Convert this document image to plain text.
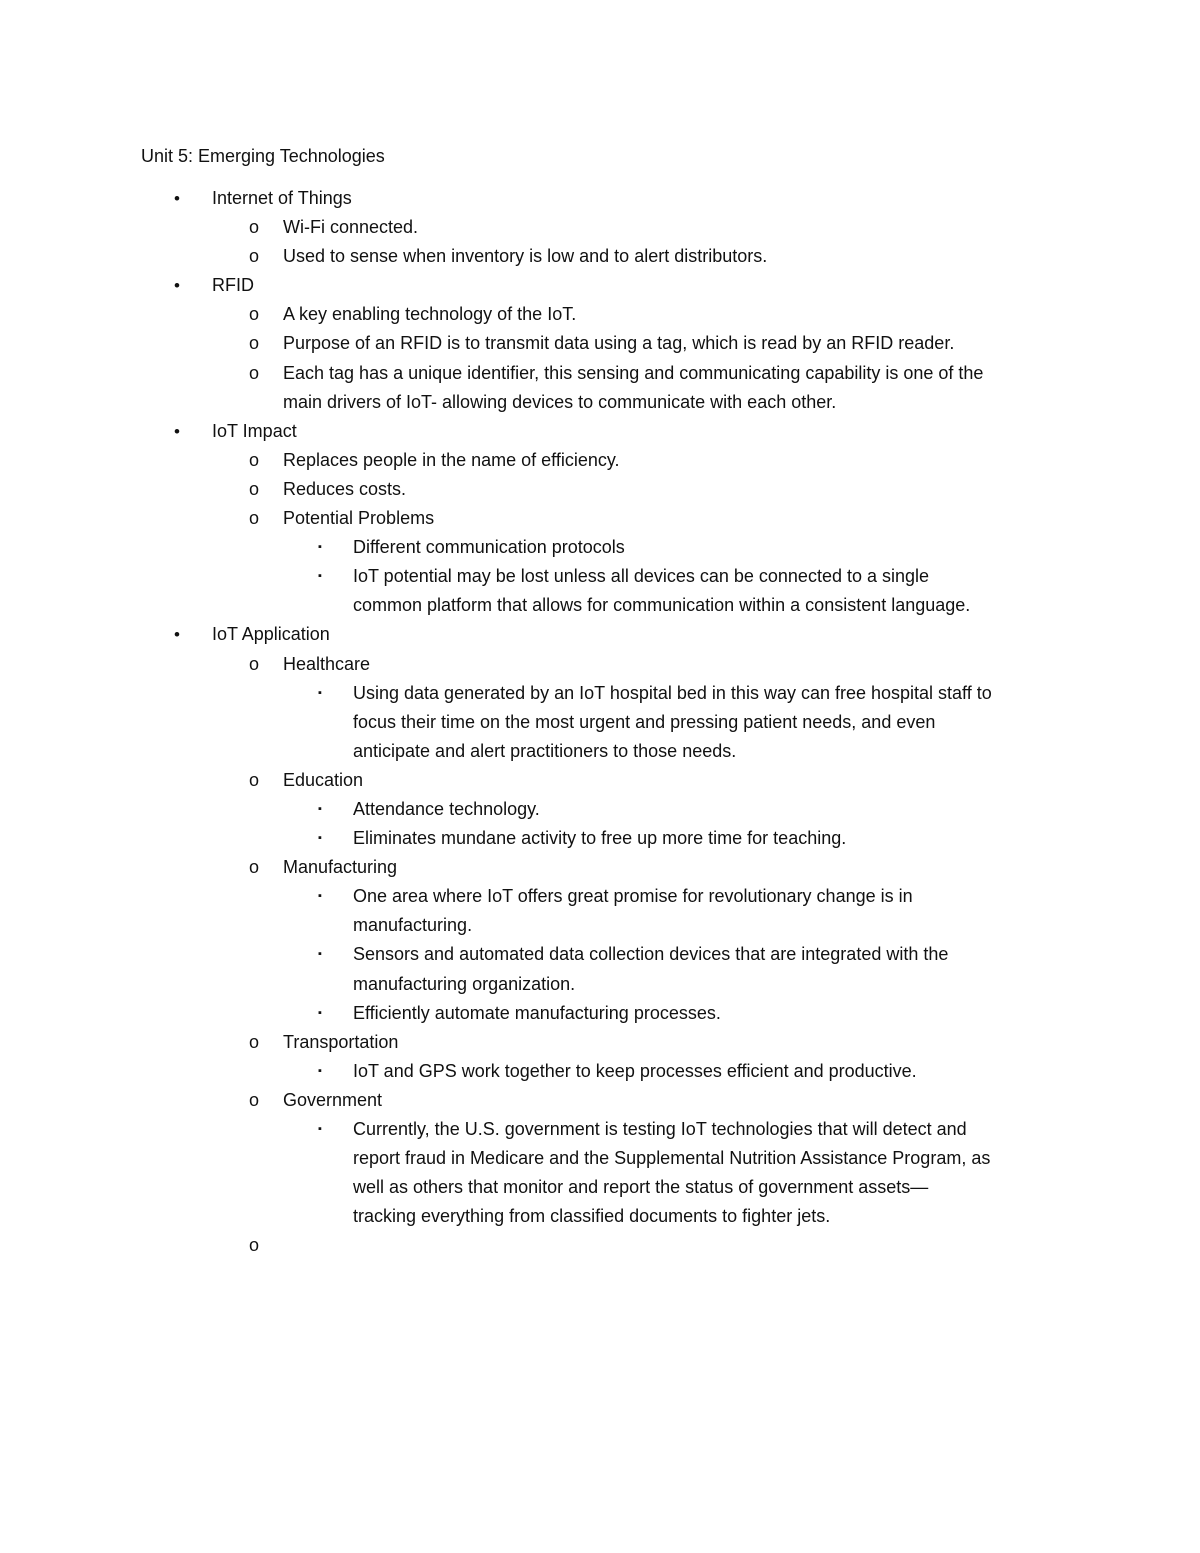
Unit 5: Emerging Technologies
• Internet of Things
o Wi-Fi connected.
o Used to sense when inventory is low and to alert distributors.
• RFID
o A key enabling technology of the IoT.
o Purpose of an RFID is to transmit data using a tag, which is read by an RFID reader.
o Each tag has a unique identifier, this sensing and communicating capability is one of the
main drivers of IoT- allowing devices to communicate with each other.
• IoT Impact
o Replaces people in the name of efficiency.
o Reduces costs.
o Potential Problems
▪ Different communication protocols
▪ IoT potential may be lost unless all devices can be connected to a single
common platform that allows for communication within a consistent language.
• IoT Application
o Healthcare
▪ Using data generated by an IoT hospital bed in this way can free hospital staff to
focus their time on the most urgent and pressing patient needs, and even
anticipate and alert practitioners to those needs.
o Education
▪ Attendance technology.
▪ Eliminates mundane activity to free up more time for teaching.
o Manufacturing
▪ One area where IoT offers great promise for revolutionary change is in
manufacturing.
▪ Sensors and automated data collection devices that are integrated with the
manufacturing organization.
▪ Efficiently automate manufacturing processes.
o Transportation
▪ IoT and GPS work together to keep processes efficient and productive.
o Government
▪ Currently, the U.S. government is testing IoT technologies that will detect and
report fraud in Medicare and the Supplemental Nutrition Assistance Program, as
well as others that monitor and report the status of government assets—
tracking everything from classified documents to fighter jets.
o
